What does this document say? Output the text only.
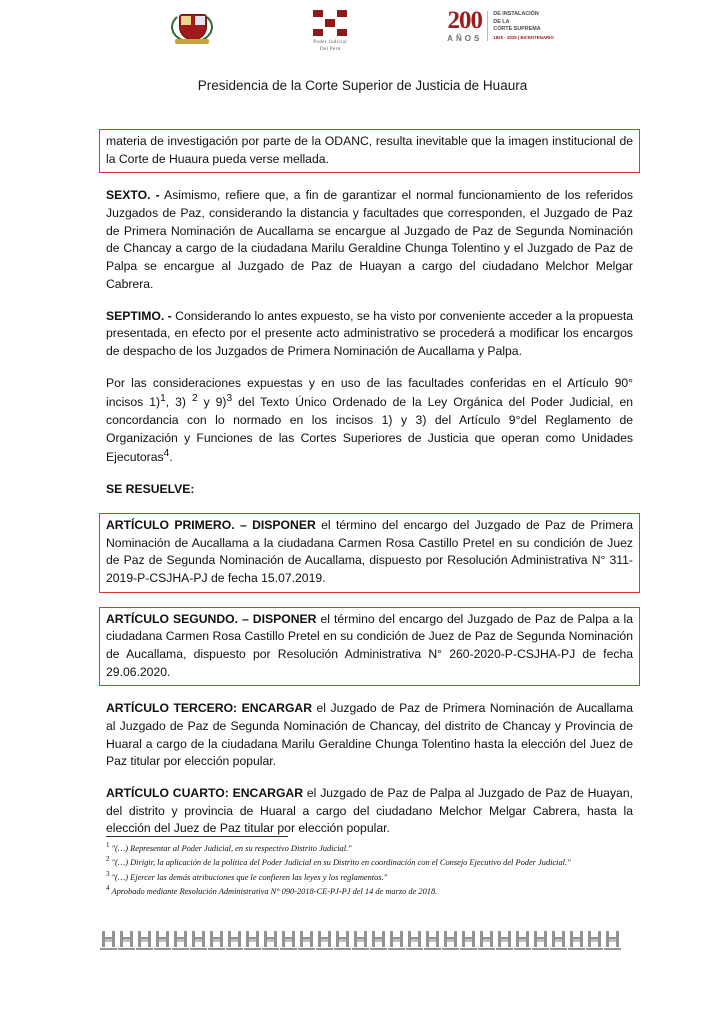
Poder Judicial
Del Perú
200
AÑOS
DE INSTALACIÓN
DE LA
CORTE SUPREMA
1825 - 2025 | BICENTENARIO
Presidencia de la Corte Superior de Justicia de Huaura
materia de investigación por parte de la ODANC, resulta inevitable que la imagen institucional de la Corte de Huaura pueda verse mellada.
SEXTO. - Asimismo, refiere que, a fin de garantizar el normal funcionamiento de los referidos Juzgados de Paz, considerando la distancia y facultades que corresponden, el Juzgado de Paz de Primera Nominación de Aucallama se encargue al Juzgado de Paz de Segunda Nominación de Chancay a cargo de la ciudadana Marilu Geraldine Chunga Tolentino y el Juzgado de Paz de Palpa se encargue al Juzgado de Paz de Huayan a cargo del ciudadano Melchor Melgar Cabrera.
SEPTIMO. - Considerando lo antes expuesto, se ha visto por conveniente acceder a la propuesta presentada, en efecto por el presente acto administrativo se procederá a modificar los encargos de despacho de los Juzgados de Primera Nominación de Aucallama y Palpa.
Por las consideraciones expuestas y en uso de las facultades conferidas en el Artículo 90° incisos 1)$^1$, 3) $^2$ y 9)$^3$ del Texto Único Ordenado de la Ley Orgánica del Poder Judicial, en concordancia con lo normado en los incisos 1) y 3) del Artículo 9°del Reglamento de Organización y Funciones de las Cortes Superiores de Justicia que operan como Unidades Ejecutoras$^4$.
SE RESUELVE:
ARTÍCULO PRIMERO. – DISPONER el término del encargo del Juzgado de Paz de Primera Nominación de Aucallama a la ciudadana Carmen Rosa Castillo Pretel en su condición de Juez de Paz de Segunda Nominación de Aucallama, dispuesto por Resolución Administrativa N° 311-2019-P-CSJHA-PJ de fecha 15.07.2019.
ARTÍCULO SEGUNDO. – DISPONER el término del encargo del Juzgado de Paz de Palpa a la ciudadana Carmen Rosa Castillo Pretel en su condición de Juez de Paz de Segunda Nominación de Aucallama, dispuesto por Resolución Administrativa N° 260-2020-P-CSJHA-PJ de fecha 29.06.2020.
ARTÍCULO TERCERO: ENCARGAR el Juzgado de Paz de Primera Nominación de Aucallama al Juzgado de Paz de Segunda Nominación de Chancay, del distrito de Chancay y Provincia de Huaral a cargo de la ciudadana Marilu Geraldine Chunga Tolentino hasta la elección del Juez de Paz titular por elección popular.
ARTÍCULO CUARTO: ENCARGAR el Juzgado de Paz de Palpa al Juzgado de Paz de Huayan, del distrito y provincia de Huaral a cargo del ciudadano Melchor Melgar Cabrera, hasta la elección del Juez de Paz titular por elección popular.
$^1$ "(…) Representar al Poder Judicial, en su respectivo Distrito Judicial."
$^2$ "(…) Dirigir, la aplicación de la política del Poder Judicial en su Distrito en coordinación con el Consejo Ejecutivo del Poder Judicial."
$^3$ "(…) Ejercer las demás atribuciones que le confieren las leyes y los reglamentos."
$^4$ Aprobado mediante Resolución Administrativa N° 090-2018-CE-PJ-PJ del 14 de marzo de 2018.
